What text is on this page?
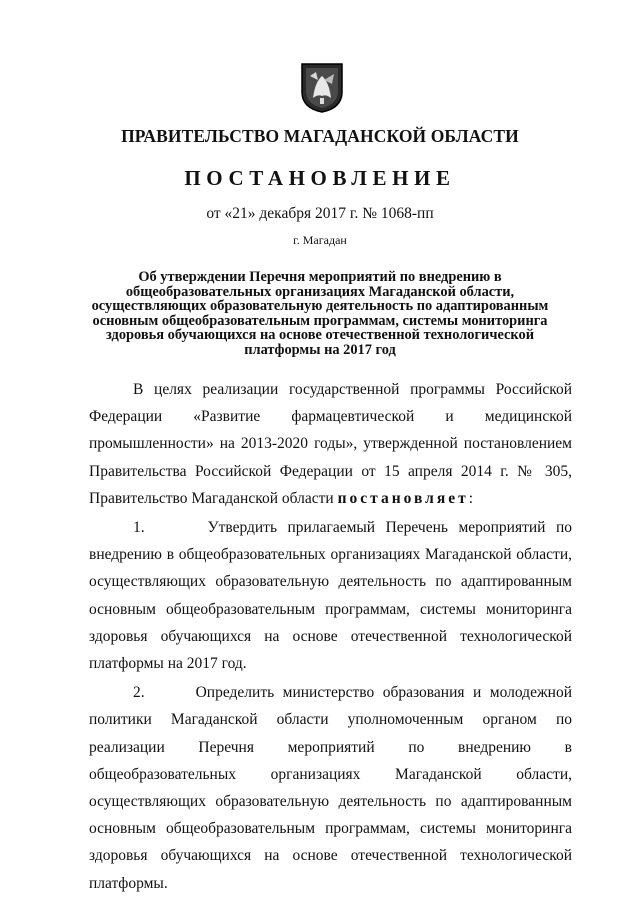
ПРАВИТЕЛЬСТВО МАГАДАНСКОЙ ОБЛАСТИ
ПОСТАНОВЛЕНИЕ
от «21» декабря 2017 г. № 1068-пп
г. Магадан
Об утверждении Перечня мероприятий по внедрению в общеобразовательных организациях Магаданской области, осуществляющих образовательную деятельность по адаптированным основным общеобразовательным программам, системы мониторинга здоровья обучающихся на основе отечественной технологической платформы на 2017 год

В целях реализации государственной программы Российской Федерации «Развитие фармацевтической и медицинской промышленности» на 2013-2020 годы», утвержденной постановлением Правительства Российской Федерации от 15 апреля 2014 г. № 305, Правительство Магаданской области постановляет:

1.	Утвердить прилагаемый Перечень мероприятий по внедрению в общеобразовательных организациях Магаданской области, осуществляющих образовательную деятельность по адаптированным основным общеобразовательным программам, системы мониторинга здоровья обучающихся на основе отечественной технологической платформы на 2017 год.

2.	Определить министерство образования и молодежной политики Магаданской области уполномоченным органом по реализации Перечня мероприятий по внедрению в общеобразовательных организациях Магаданской области, осуществляющих образовательную деятельность по адаптированным основным общеобразовательным программам, системы мониторинга здоровья обучающихся на основе отечественной технологической платформы.
